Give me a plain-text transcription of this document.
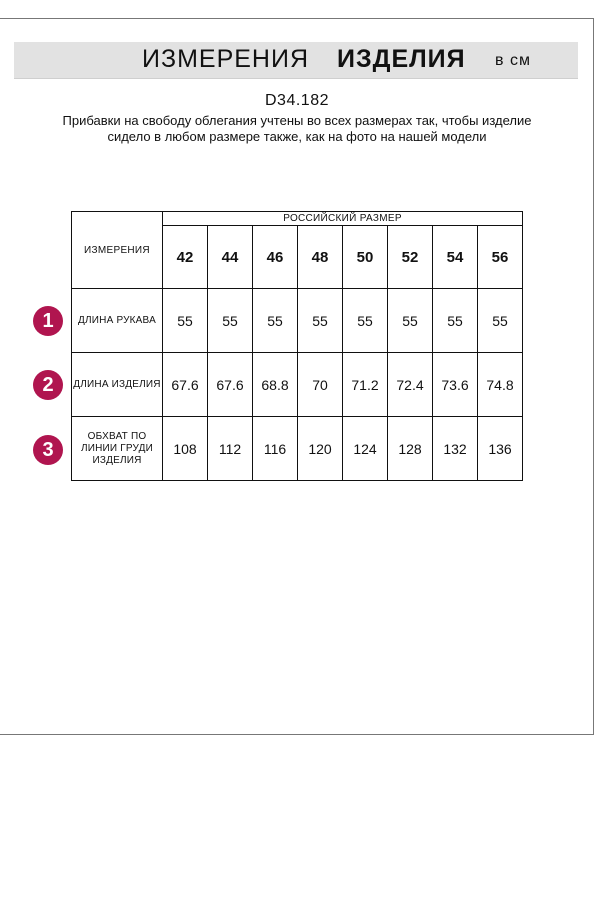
ИЗМЕРЕНИЯ ИЗДЕЛИЯ в см
D34.182
Прибавки на свободу облегания учтены во всех размерах так, чтобы изделие сидело в любом размере также, как на фото на нашей модели
1
2
3
ИЗМЕРЕНИЯ	РОССИЙСКИЙ РАЗМЕР							
	42	44	46	48	50	52	54	56
ДЛИНА РУКАВА	55	55	55	55	55	55	55	55
ДЛИНА ИЗДЕЛИЯ	67.6	67.6	68.8	70	71.2	72.4	73.6	74.8
ОБХВАТ ПО ЛИНИИ ГРУДИ ИЗДЕЛИЯ	108	112	116	120	124	128	132	136
